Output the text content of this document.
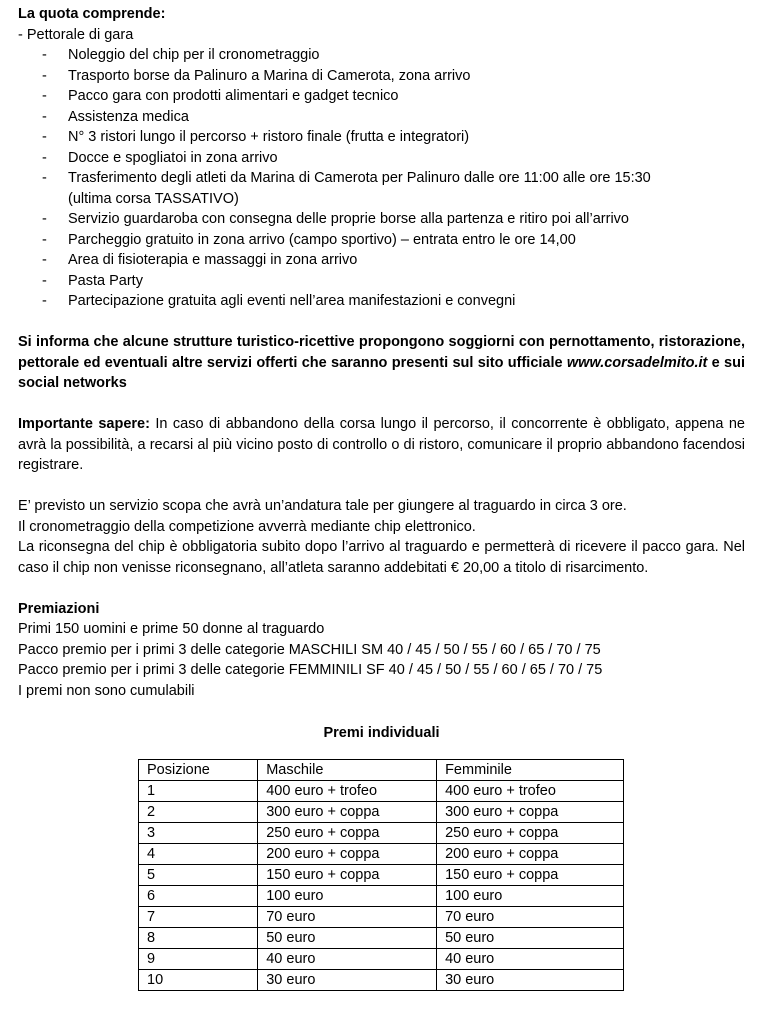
La quota comprende:
- Pettorale di gara
- Noleggio del chip per il cronometraggio
- Trasporto borse da Palinuro a Marina di Camerota, zona arrivo
- Pacco gara con prodotti alimentari e gadget tecnico
- Assistenza medica
- N° 3 ristori lungo il percorso + ristoro finale (frutta e integratori)
- Docce e spogliatoi in zona arrivo
- Trasferimento degli atleti da Marina di Camerota per Palinuro dalle ore 11:00 alle ore 15:30
(ultima corsa TASSATIVO)
- Servizio guardaroba con consegna delle proprie borse alla partenza e ritiro poi all’arrivo
- Parcheggio gratuito in zona arrivo (campo sportivo) – entrata entro le ore 14,00
- Area di fisioterapia e massaggi in zona arrivo
- Pasta Party
- Partecipazione gratuita agli eventi nell’area manifestazioni e convegni
Si informa che alcune strutture turistico-ricettive propongono soggiorni con pernottamento, ristorazione, pettorale ed eventuali altre servizi offerti che saranno presenti sul sito ufficiale www.corsadelmito.it e sui social networks
Importante sapere: In caso di abbandono della corsa lungo il percorso, il concorrente è obbligato, appena ne avrà la possibilità, a recarsi al più vicino posto di controllo o di ristoro, comunicare il proprio abbandono facendosi registrare.
E’ previsto un servizio scopa che avrà un’andatura tale per giungere al traguardo in circa 3 ore.
Il cronometraggio della competizione avverrà mediante chip elettronico.
La riconsegna del chip è obbligatoria subito dopo l’arrivo al traguardo e permetterà di ricevere il pacco gara. Nel caso il chip non venisse riconsegnano, all’atleta saranno addebitati € 20,00 a titolo di risarcimento.
Premiazioni
Primi 150 uomini e prime 50 donne al traguardo
Pacco premio per i primi 3 delle categorie MASCHILI SM 40 / 45 / 50 / 55 / 60 / 65 / 70 / 75
Pacco premio per i primi 3 delle categorie FEMMINILI SF 40 / 45 / 50 / 55 / 60 / 65 / 70 / 75
I premi non sono cumulabili
Premi individuali
Posizione	Maschile	Femminile
1	400 euro + trofeo	400 euro + trofeo
2	300 euro + coppa	300 euro + coppa
3	250 euro + coppa	250 euro + coppa
4	200 euro + coppa	200 euro + coppa
5	150 euro + coppa	150 euro + coppa
6	100 euro	100 euro
7	70 euro	70 euro
8	50 euro	50 euro
9	40 euro	40 euro
10	30 euro	30 euro
